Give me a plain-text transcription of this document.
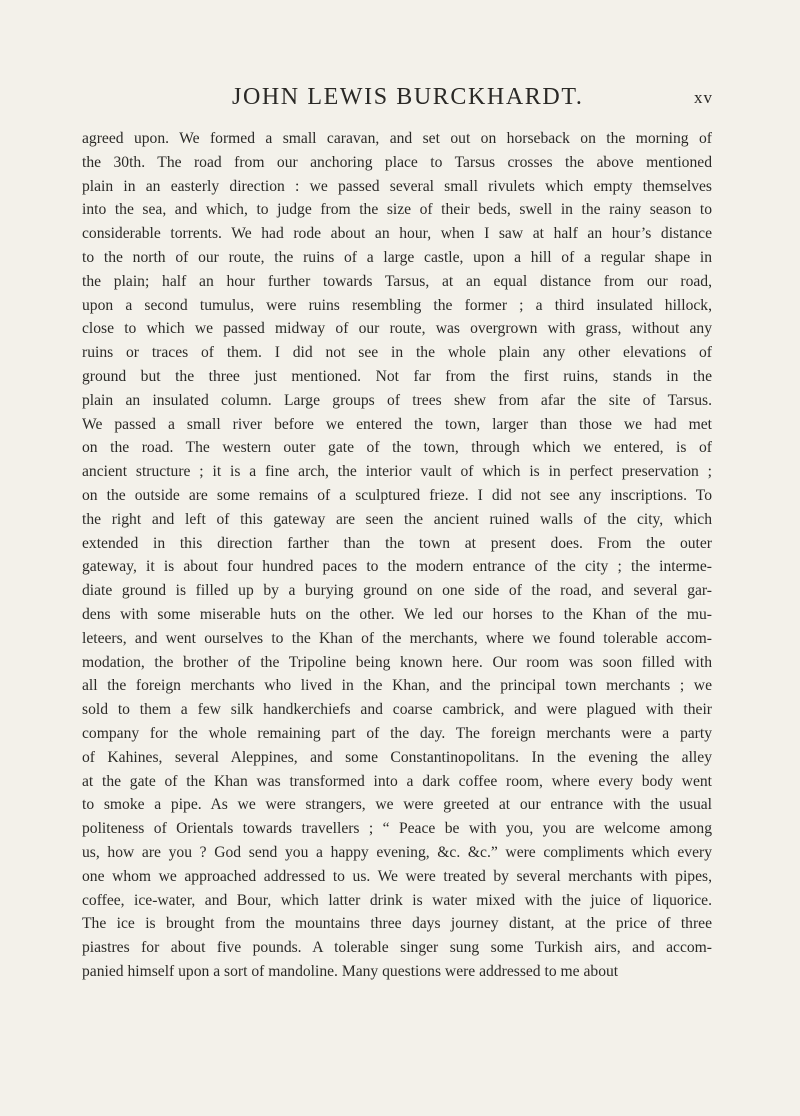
JOHN LEWIS BURCKHARDT.	xv
agreed upon. We formed a small caravan, and set out on horseback on the morning of
the 30th. The road from our anchoring place to Tarsus crosses the above mentioned
plain in an easterly direction : we passed several small rivulets which empty themselves
into the sea, and which, to judge from the size of their beds, swell in the rainy season to
considerable torrents. We had rode about an hour, when I saw at half an hour’s distance
to the north of our route, the ruins of a large castle, upon a hill of a regular shape in
the plain; half an hour further towards Tarsus, at an equal distance from our road,
upon a second tumulus, were ruins resembling the former ; a third insulated hillock,
close to which we passed midway of our route, was overgrown with grass, without any
ruins or traces of them. I did not see in the whole plain any other elevations of
ground but the three just mentioned. Not far from the first ruins, stands in the
plain an insulated column. Large groups of trees shew from afar the site of Tarsus.
We passed a small river before we entered the town, larger than those we had met
on the road. The western outer gate of the town, through which we entered, is of
ancient structure ; it is a fine arch, the interior vault of which is in perfect preservation ;
on the outside are some remains of a sculptured frieze. I did not see any inscriptions. To
the right and left of this gateway are seen the ancient ruined walls of the city, which
extended in this direction farther than the town at present does. From the outer
gateway, it is about four hundred paces to the modern entrance of the city ; the interme-
diate ground is filled up by a burying ground on one side of the road, and several gar-
dens with some miserable huts on the other. We led our horses to the Khan of the mu-
leteers, and went ourselves to the Khan of the merchants, where we found tolerable accom-
modation, the brother of the Tripoline being known here. Our room was soon filled with
all the foreign merchants who lived in the Khan, and the principal town merchants ; we
sold to them a few silk handkerchiefs and coarse cambrick, and were plagued with their
company for the whole remaining part of the day. The foreign merchants were a party
of Kahines, several Aleppines, and some Constantinopolitans. In the evening the alley
at the gate of the Khan was transformed into a dark coffee room, where every body went
to smoke a pipe. As we were strangers, we were greeted at our entrance with the usual
politeness of Orientals towards travellers ; “ Peace be with you, you are welcome among
us, how are you ? God send you a happy evening, &c. &c.” were compliments which every
one whom we approached addressed to us. We were treated by several merchants with pipes,
coffee, ice-water, and Bour, which latter drink is water mixed with the juice of liquorice.
The ice is brought from the mountains three days journey distant, at the price of three
piastres for about five pounds. A tolerable singer sung some Turkish airs, and accom-
panied himself upon a sort of mandoline. Many questions were addressed to me about
